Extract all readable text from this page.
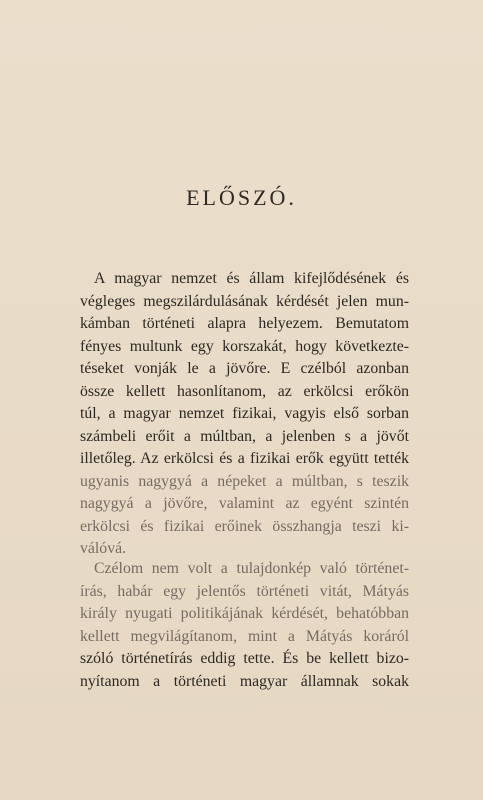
ELŐSZÓ.
A magyar nemzet és állam kifejlődésének és
végleges megszilárdulásának kérdését jelen mun-
kámban történeti alapra helyezem. Bemutatom
fényes multunk egy korszakát, hogy következte-
téseket vonják le a jövőre. E czélból azonban
össze kellett hasonlítanom, az erkölcsi erőkön
túl, a magyar nemzet fizikai, vagyis első sorban
számbeli erőit a múltban, a jelenben s a jövőt
illetőleg. Az erkölcsi és a fizikai erők együtt tették
ugyanis nagygyá a népeket a múltban, s teszik
nagygyá a jövőre, valamint az egyént szintén
erkölcsi és fizikai erőinek összhangja teszi ki-
válóvá.
Czélom nem volt a tulajdonkép való történet-
írás, habár egy jelentős történeti vitát, Mátyás
király nyugati politikájának kérdését, behatóbban
kellett megvilágítanom, mint a Mátyás koráról
szóló történetírás eddig tette. És be kellett bizo-
nyítanom a történeti magyar államnak sokak
